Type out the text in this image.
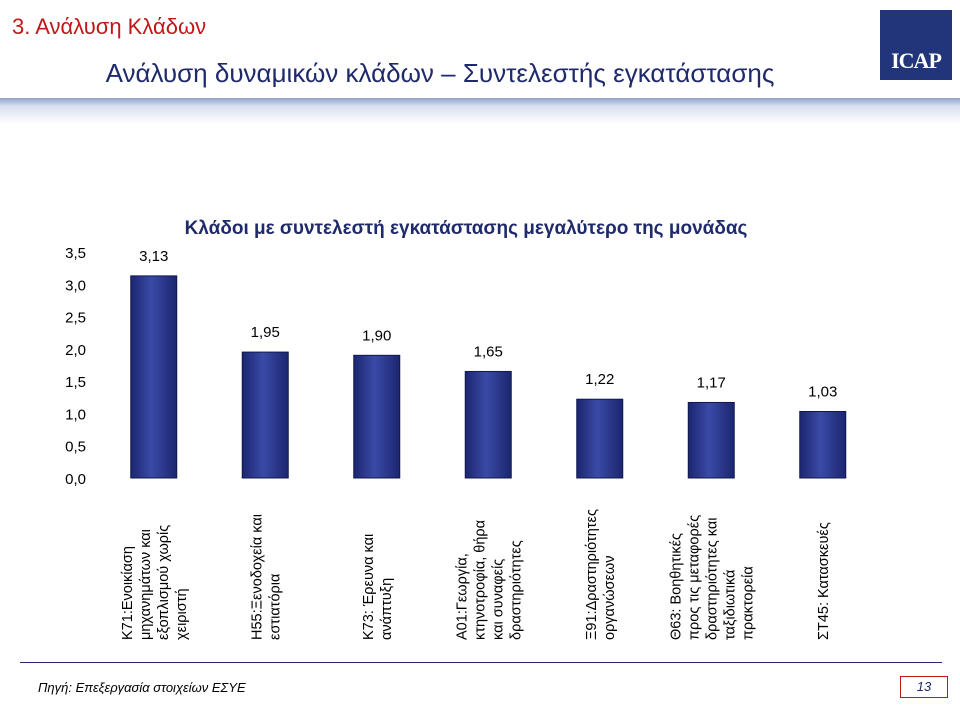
3. Ανάλυση Κλάδων
ICAP
Ανάλυση δυναμικών κλάδων – Συντελεστής εγκατάστασης
Κλάδοι με συντελεστή εγκατάστασης μεγαλύτερο της μονάδας
0,0
0,5
1,0
1,5
2,0
2,5
3,0
3,5	3,13
1,95	1,90
1,65
1,22	1,17
1,03
Κ71:Ενοικίαση μηχανημάτων και εξοπλισμού χωρίς χειριστή	Η55:Ξενοδοχεία και εστιατόρια	Κ73: Έρευνα και ανάπτυξη	Α01:Γεωργία, κτηνοτροφία, θήρα και συναφείς δραστηριότητες	Ξ91:Δραστηριότητες οργανώσεων	Θ63: Βοηθητικές προς τις μεταφορές δραστηριότητες και ταξιδιωτικά πρακτορεία	ΣΤ45: Κατασκευές
Πηγή: Επεξεργασία στοιχείων ΕΣΥΕ	13
